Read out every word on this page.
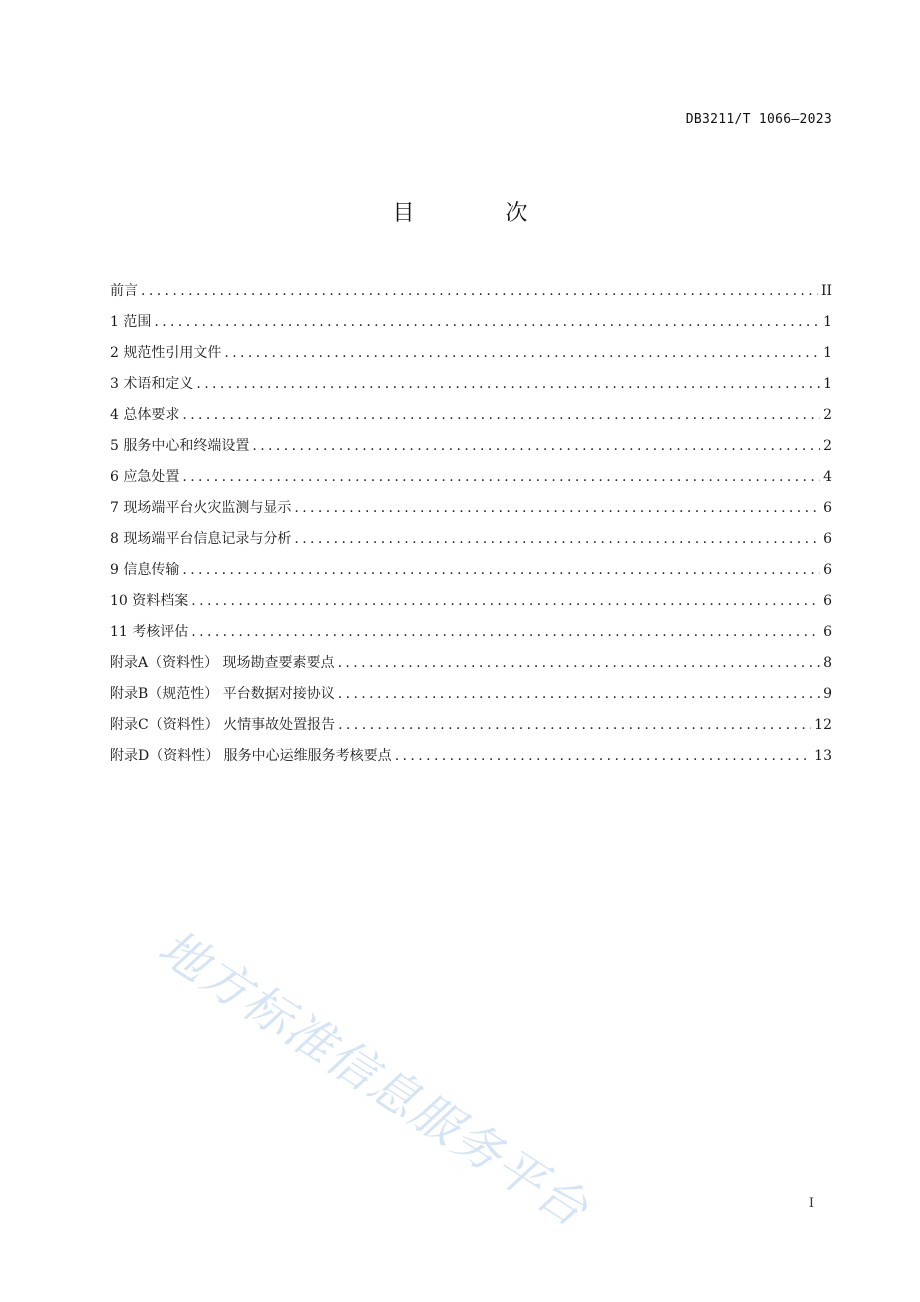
DB3211/T 1066—2023
目 次
前言 .....	II
1 范围 .....	1
2 规范性引用文件 .....	1
3 术语和定义 .....	1
4 总体要求 .....	2
5 服务中心和终端设置 .....	2
6 应急处置 .....	4
7 现场端平台火灾监测与显示 .....	6
8 现场端平台信息记录与分析 .....	6
9 信息传输 .....	6
10 资料档案 .....	6
11 考核评估 .....	6
附录A（资料性） 现场勘查要素要点 .....	8
附录B（规范性） 平台数据对接协议 .....	9
附录C（资料性） 火情事故处置报告 .....	12
附录D（资料性） 服务中心运维服务考核要点 .....	13
地方标准信息服务平台	I
